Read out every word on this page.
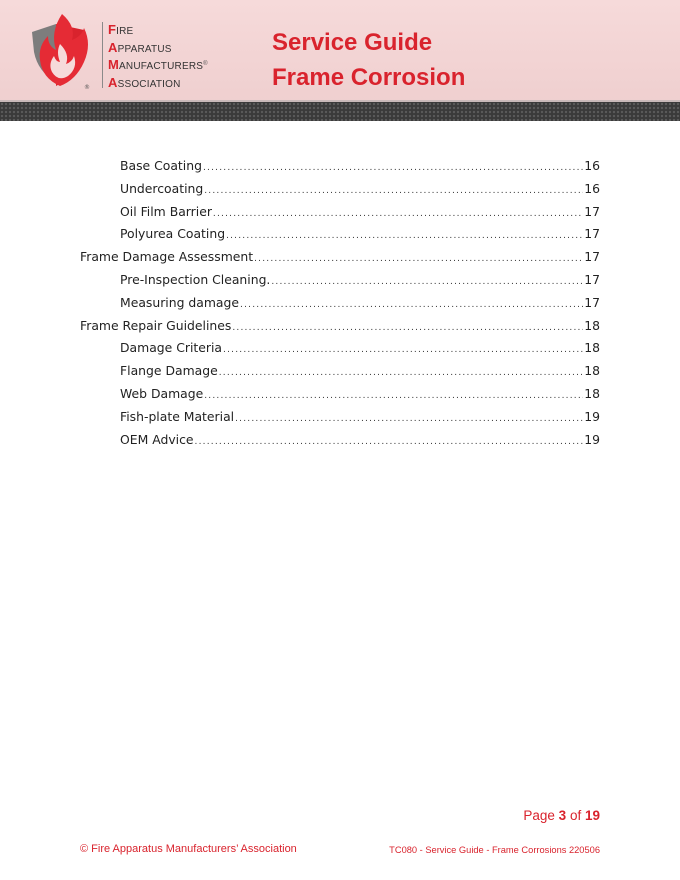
®
FIRE
APPARATUS
MANUFACTURERS®
ASSOCIATION
Service Guide
Frame Corrosion
Base Coating .....	16
Undercoating .....	16
Oil Film Barrier .....	17
Polyurea Coating .....	17
Frame Damage Assessment .....	17
Pre-Inspection Cleaning. .....	17
Measuring damage .....	17
Frame Repair Guidelines .....	18
Damage Criteria .....	18
Flange Damage .....	18
Web Damage .....	18
Fish-plate Material .....	19
OEM Advice .....	19
Page 3 of 19
© Fire Apparatus Manufacturers’ Association	TC080 - Service Guide - Frame Corrosions 220506
